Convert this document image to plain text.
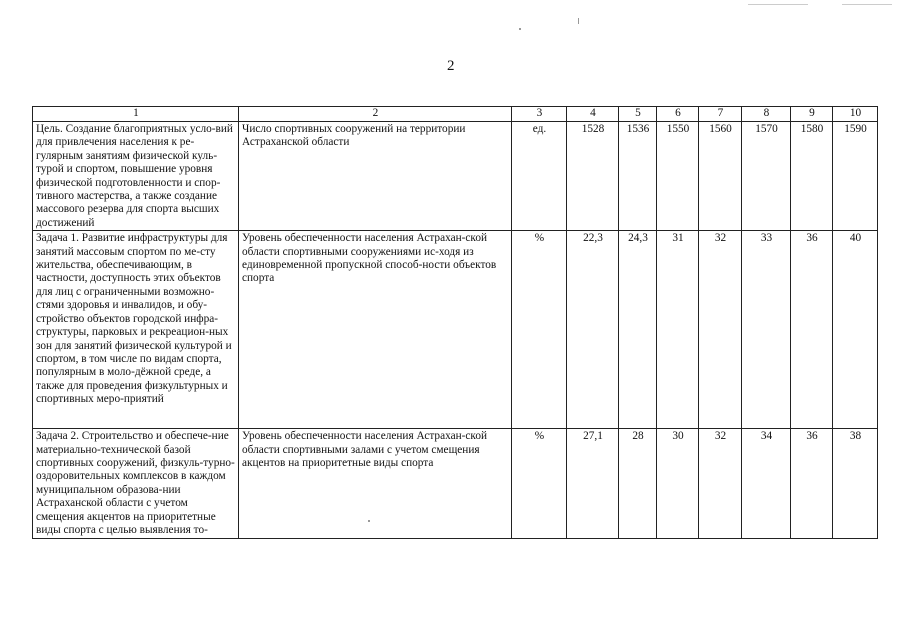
2
1	2	3	4	5	6	7	8	9	10
Цель. Создание благоприятных усло-вий для привлечения населения к ре-гулярным занятиям физической куль-турой и спортом, повышение уровня физической подготовленности и спор-тивного мастерства, а также создание массового резерва для спорта высших достижений	Число спортивных сооружений на территории Астраханской области	ед.	1528	1536	1550	1560	1570	1580	1590
Задача 1. Развитие инфраструктуры для занятий массовым спортом по ме-сту жительства, обеспечивающим, в частности, доступность этих объектов для лиц с ограниченными возможно-стями здоровья и инвалидов, и обу-стройство объектов городской инфра-структуры, парковых и рекреацион-ных зон для занятий физической культурой и спортом, в том числе по видам спорта, популярным в моло-дёжной среде, а также для проведения физкультурных и спортивных меро-приятий	Уровень обеспеченности населения Астрахан-ской области спортивными сооружениями ис-ходя из единовременной пропускной способ-ности объектов спорта	%	22,3	24,3	31	32	33	36	40
Задача 2. Строительство и обеспече-ние материально-технической базой спортивных сооружений, физкуль-турно-оздоровительных комплексов в каждом муниципальном образова-нии Астраханской области с учетом смещения акцентов на приоритетные виды спорта с целью выявления то-	Уровень обеспеченности населения Астрахан-ской области спортивными залами с учетом смещения акцентов на приоритетные виды спорта	%	27,1	28	30	32	34	36	38
